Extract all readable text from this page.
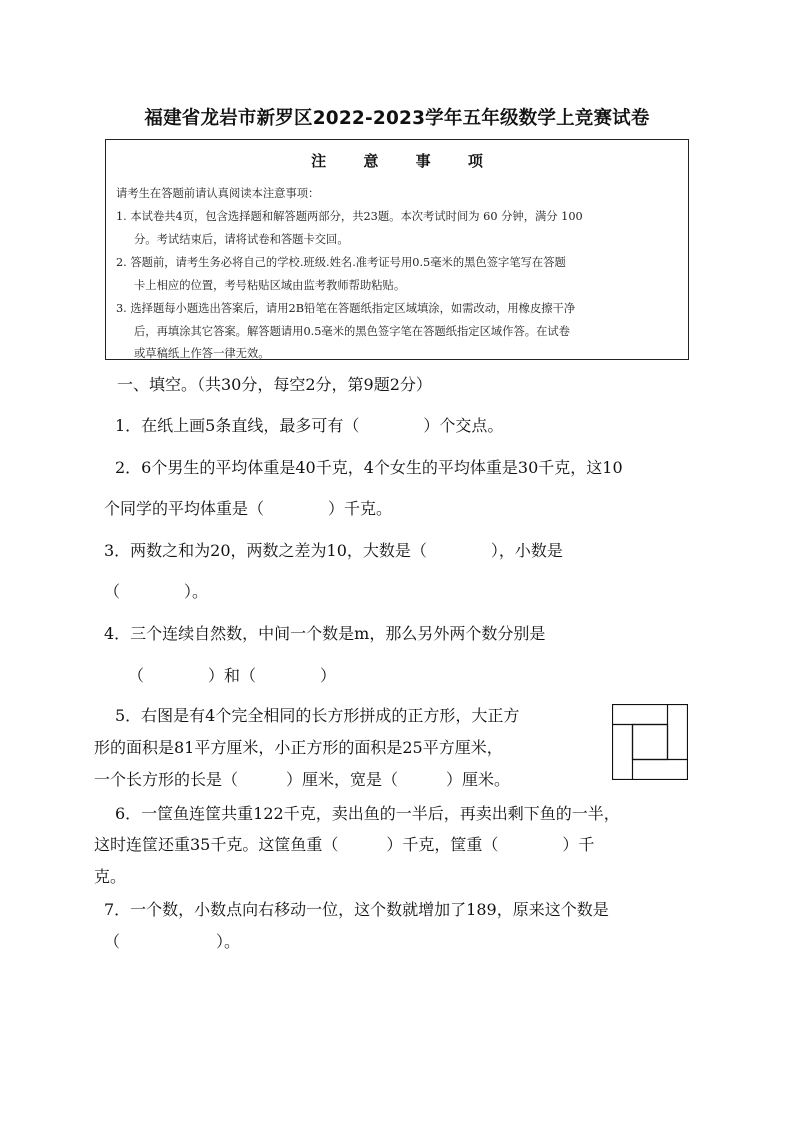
福建省龙岩市新罗区2022-2023学年五年级数学上竞赛试卷
注 意 事 项
请考生在答题前请认真阅读本注意事项：
1. 本试卷共4页，包含选择题和解答题两部分，共23题。本次考试时间为 60 分钟，满分 100
分。考试结束后，请将试卷和答题卡交回。
2. 答题前，请考生务必将自己的学校.班级.姓名.准考证号用0.5毫米的黑色签字笔写在答题
卡上相应的位置，考号粘贴区域由监考教师帮助粘贴。
3. 选择题每小题选出答案后，请用2B铅笔在答题纸指定区域填涂，如需改动，用橡皮擦干净
后，再填涂其它答案。解答题请用0.5毫米的黑色签字笔在答题纸指定区域作答。在试卷
或草稿纸上作答一律无效。
一、填空。（共30分，每空2分，第9题2分）
1．在纸上画5条直线，最多可有（　　　　）个交点。
2．6个男生的平均体重是40千克，4个女生的平均体重是30千克，这10
个同学的平均体重是（　　　　）千克。
3．两数之和为20，两数之差为10，大数是（　　　　），小数是
（　　　　）。
4．三个连续自然数，中间一个数是m，那么另外两个数分别是
（　　　　）和（　　　　）
5．右图是有4个完全相同的长方形拼成的正方形，大正方
形的面积是81平方厘米，小正方形的面积是25平方厘米，
一个长方形的长是（　　　）厘米，宽是（　　　）厘米。
6．一筐鱼连筐共重122千克，卖出鱼的一半后，再卖出剩下鱼的一半，
这时连筐还重35千克。这筐鱼重（　　　）千克，筐重（　　　　）千
克。
7．一个数，小数点向右移动一位，这个数就增加了189，原来这个数是
（　　　　　　）。
